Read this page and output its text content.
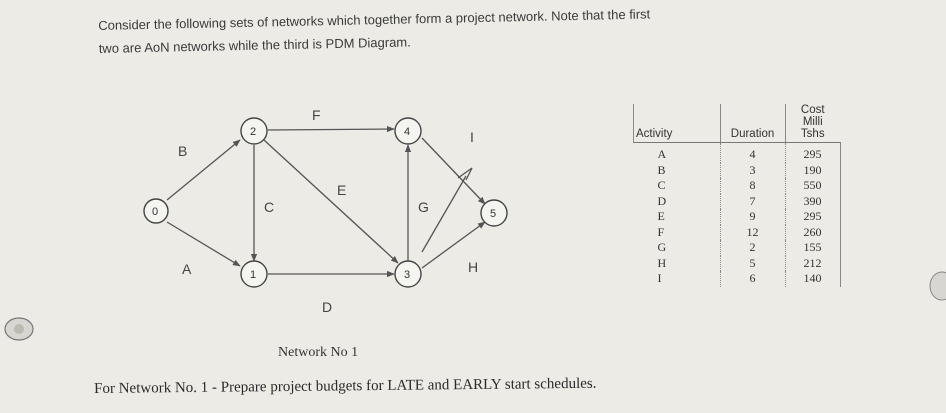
Consider the following sets of networks which together form a project network. Note that the first

two are AoN networks while the third is PDM Diagram.

B
A
F
C
E
D
G
I
H
0
2
1
4
3
5
Activity	Duration	Cost
Milli
Tshs

A	4	295
B	3	190
C	8	550
D	7	390
E	9	295
F	12	260
G	2	155
H	5	212
I	6	140
Network No 1
For Network No. 1 - Prepare project budgets for LATE and EARLY start schedules.
